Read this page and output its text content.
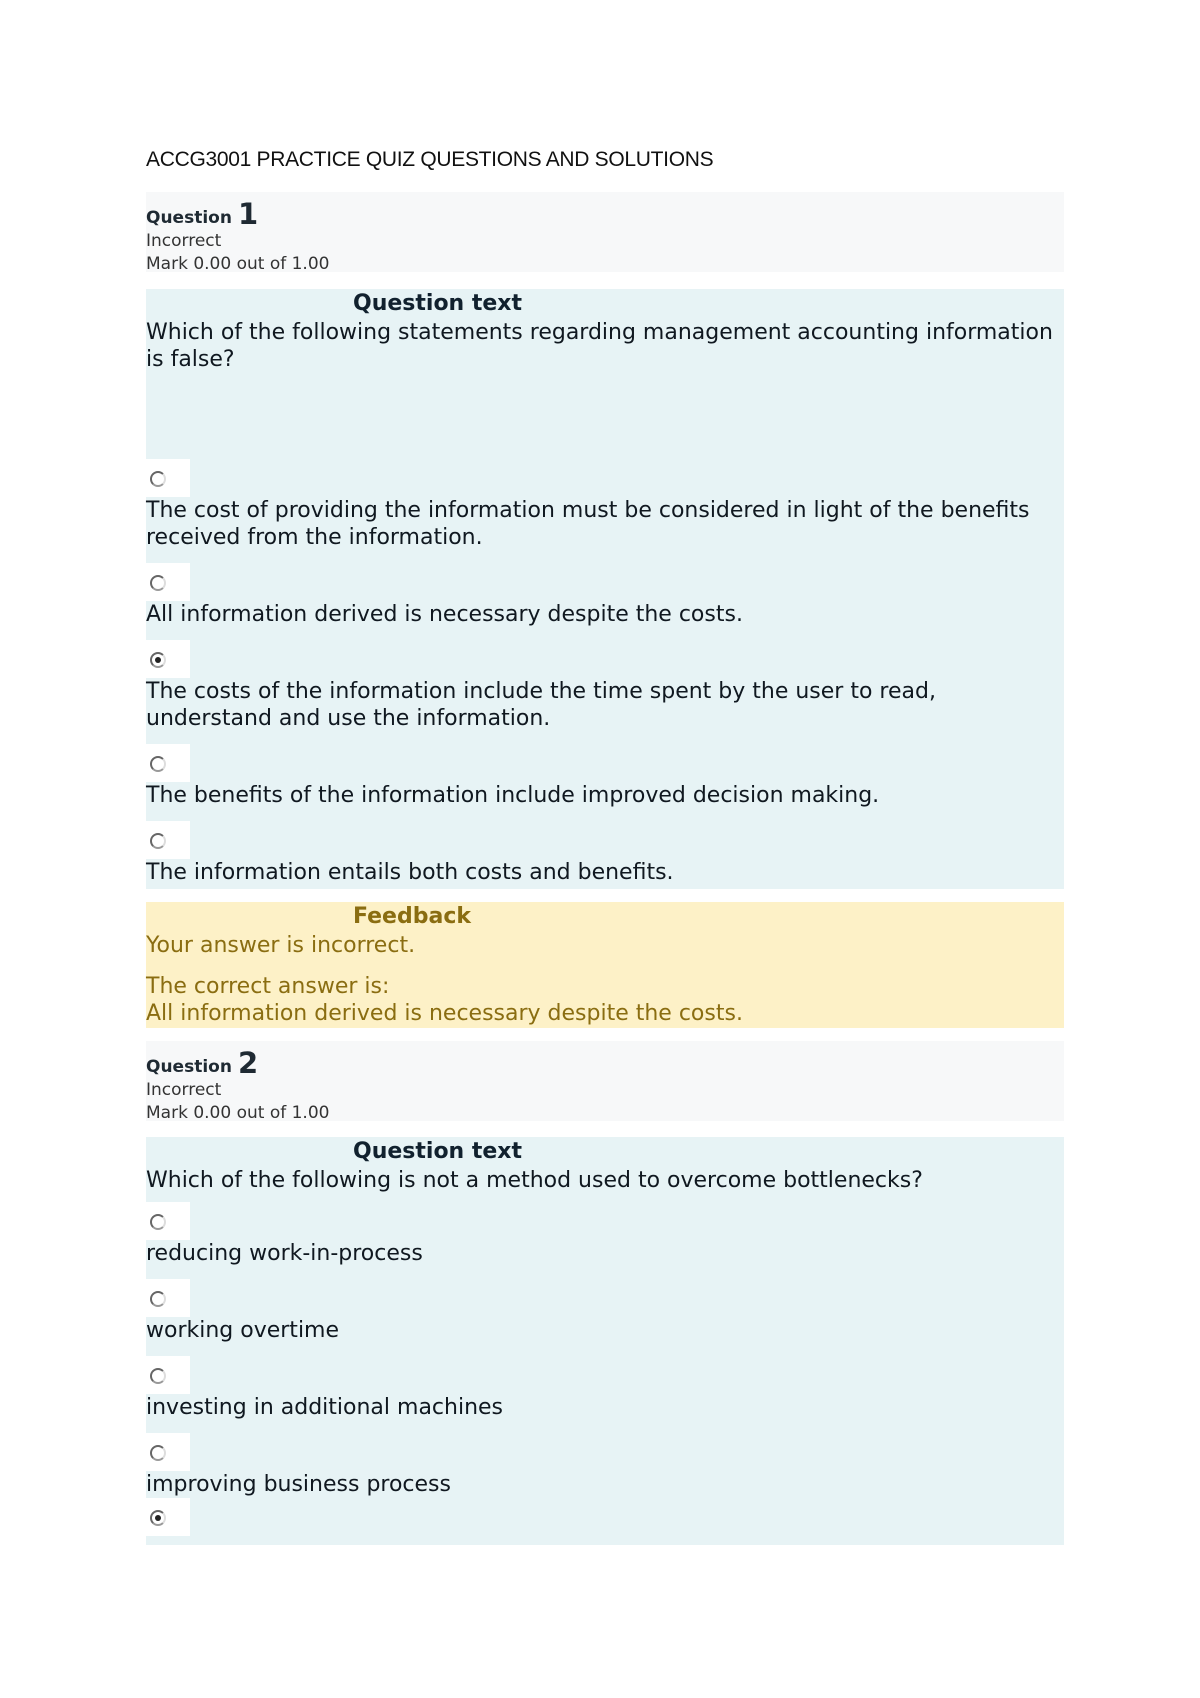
ACCG3001 PRACTICE QUIZ QUESTIONS AND SOLUTIONS
Question 1
Incorrect
Mark 0.00 out of 1.00
Question text
Which of the following statements regarding management accounting information is false?
The cost of providing the information must be considered in light of the benefits received from the information.
All information derived is necessary despite the costs.
The costs of the information include the time spent by the user to read, understand and use the information.
The benefits of the information include improved decision making.
The information entails both costs and benefits.
Feedback
Your answer is incorrect.
The correct answer is:
All information derived is necessary despite the costs.
Question 2
Incorrect
Mark 0.00 out of 1.00
Question text
Which of the following is not a method used to overcome bottlenecks?
reducing work-in-process
working overtime
investing in additional machines
improving business process
